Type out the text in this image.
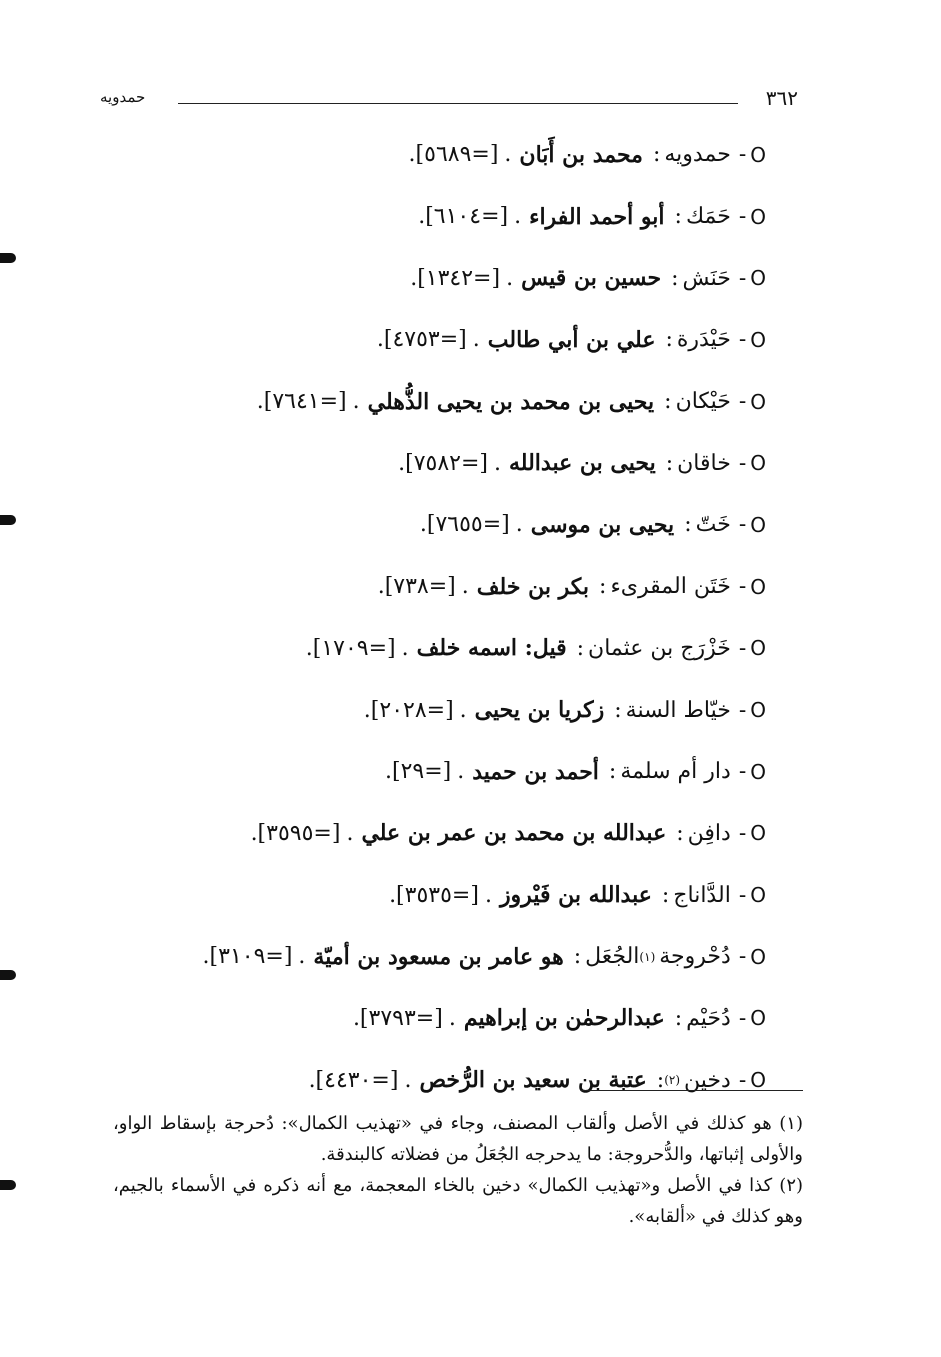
٣٦٢
حمدويه
O
-
حمدويه
:
محمد بن أَبَان
.
[=٥٦٨٩].
O
-
حَمَك
:
أبو أحمد الفراء
.
[=٦١٠٤].
O
-
حَنَش
:
حسين بن قيس
.
[=١٣٤٢].
O
-
حَيْدَرة
:
علي بن أبي طالب
.
[=٤٧٥٣].
O
-
حَيْكان
:
يحيى بن محمد بن يحيى الذُّهلي
.
[=٧٦٤١].
O
-
خاقان
:
يحيى بن عبدالله
.
[=٧٥٨٢].
O
-
خَتّ
:
يحيى بن موسى
.
[=٧٦٥٥].
O
-
خَتَن المقرىء
:
بكر بن خلف
.
[=٧٣٨].
O
-
خَزْرَج بن عثمان
:
قيل: اسمه خلف
.
[=١٧٠٩].
O
-
خيّاط السنة
:
زكريا بن يحيى
.
[=٢٠٢٨].
O
-
دار أم سلمة
:
أحمد بن حميد
.
[=٢٩].
O
-
دافِن
:
عبدالله بن محمد بن عمر بن علي
.
[=٣٥٩٥].
O
-
الدَّاناج
:
عبدالله بن فَيْروز
.
[=٣٥٣٥].
O
-
دُحْروجة
(١)
الجُعَل
:
هو عامر بن مسعود بن أميّة
.
[=٣١٠٩].
O
-
دُحَيْم
:
عبدالرحمٰن بن إبراهيم
.
[=٣٧٩٣].
O
-
دخين
(٢)
:
عتبة بن سعيد بن الرُّخص
.
[=٤٤٣٠].

(١) هو كذلك في الأصل وألقاب المصنف، وجاء في «تهذيب الكمال»: دُحرجة بإسقاط الواو، والأولى إثباتها، والدُّحروجة: ما يدحرجه الجُعَلُ من فضلاته كالبندقة.

(٢) كذا في الأصل و«تهذيب الكمال» دخين بالخاء المعجمة، مع أنه ذكره في الأسماء بالجيم، وهو كذلك في «ألقابه».
